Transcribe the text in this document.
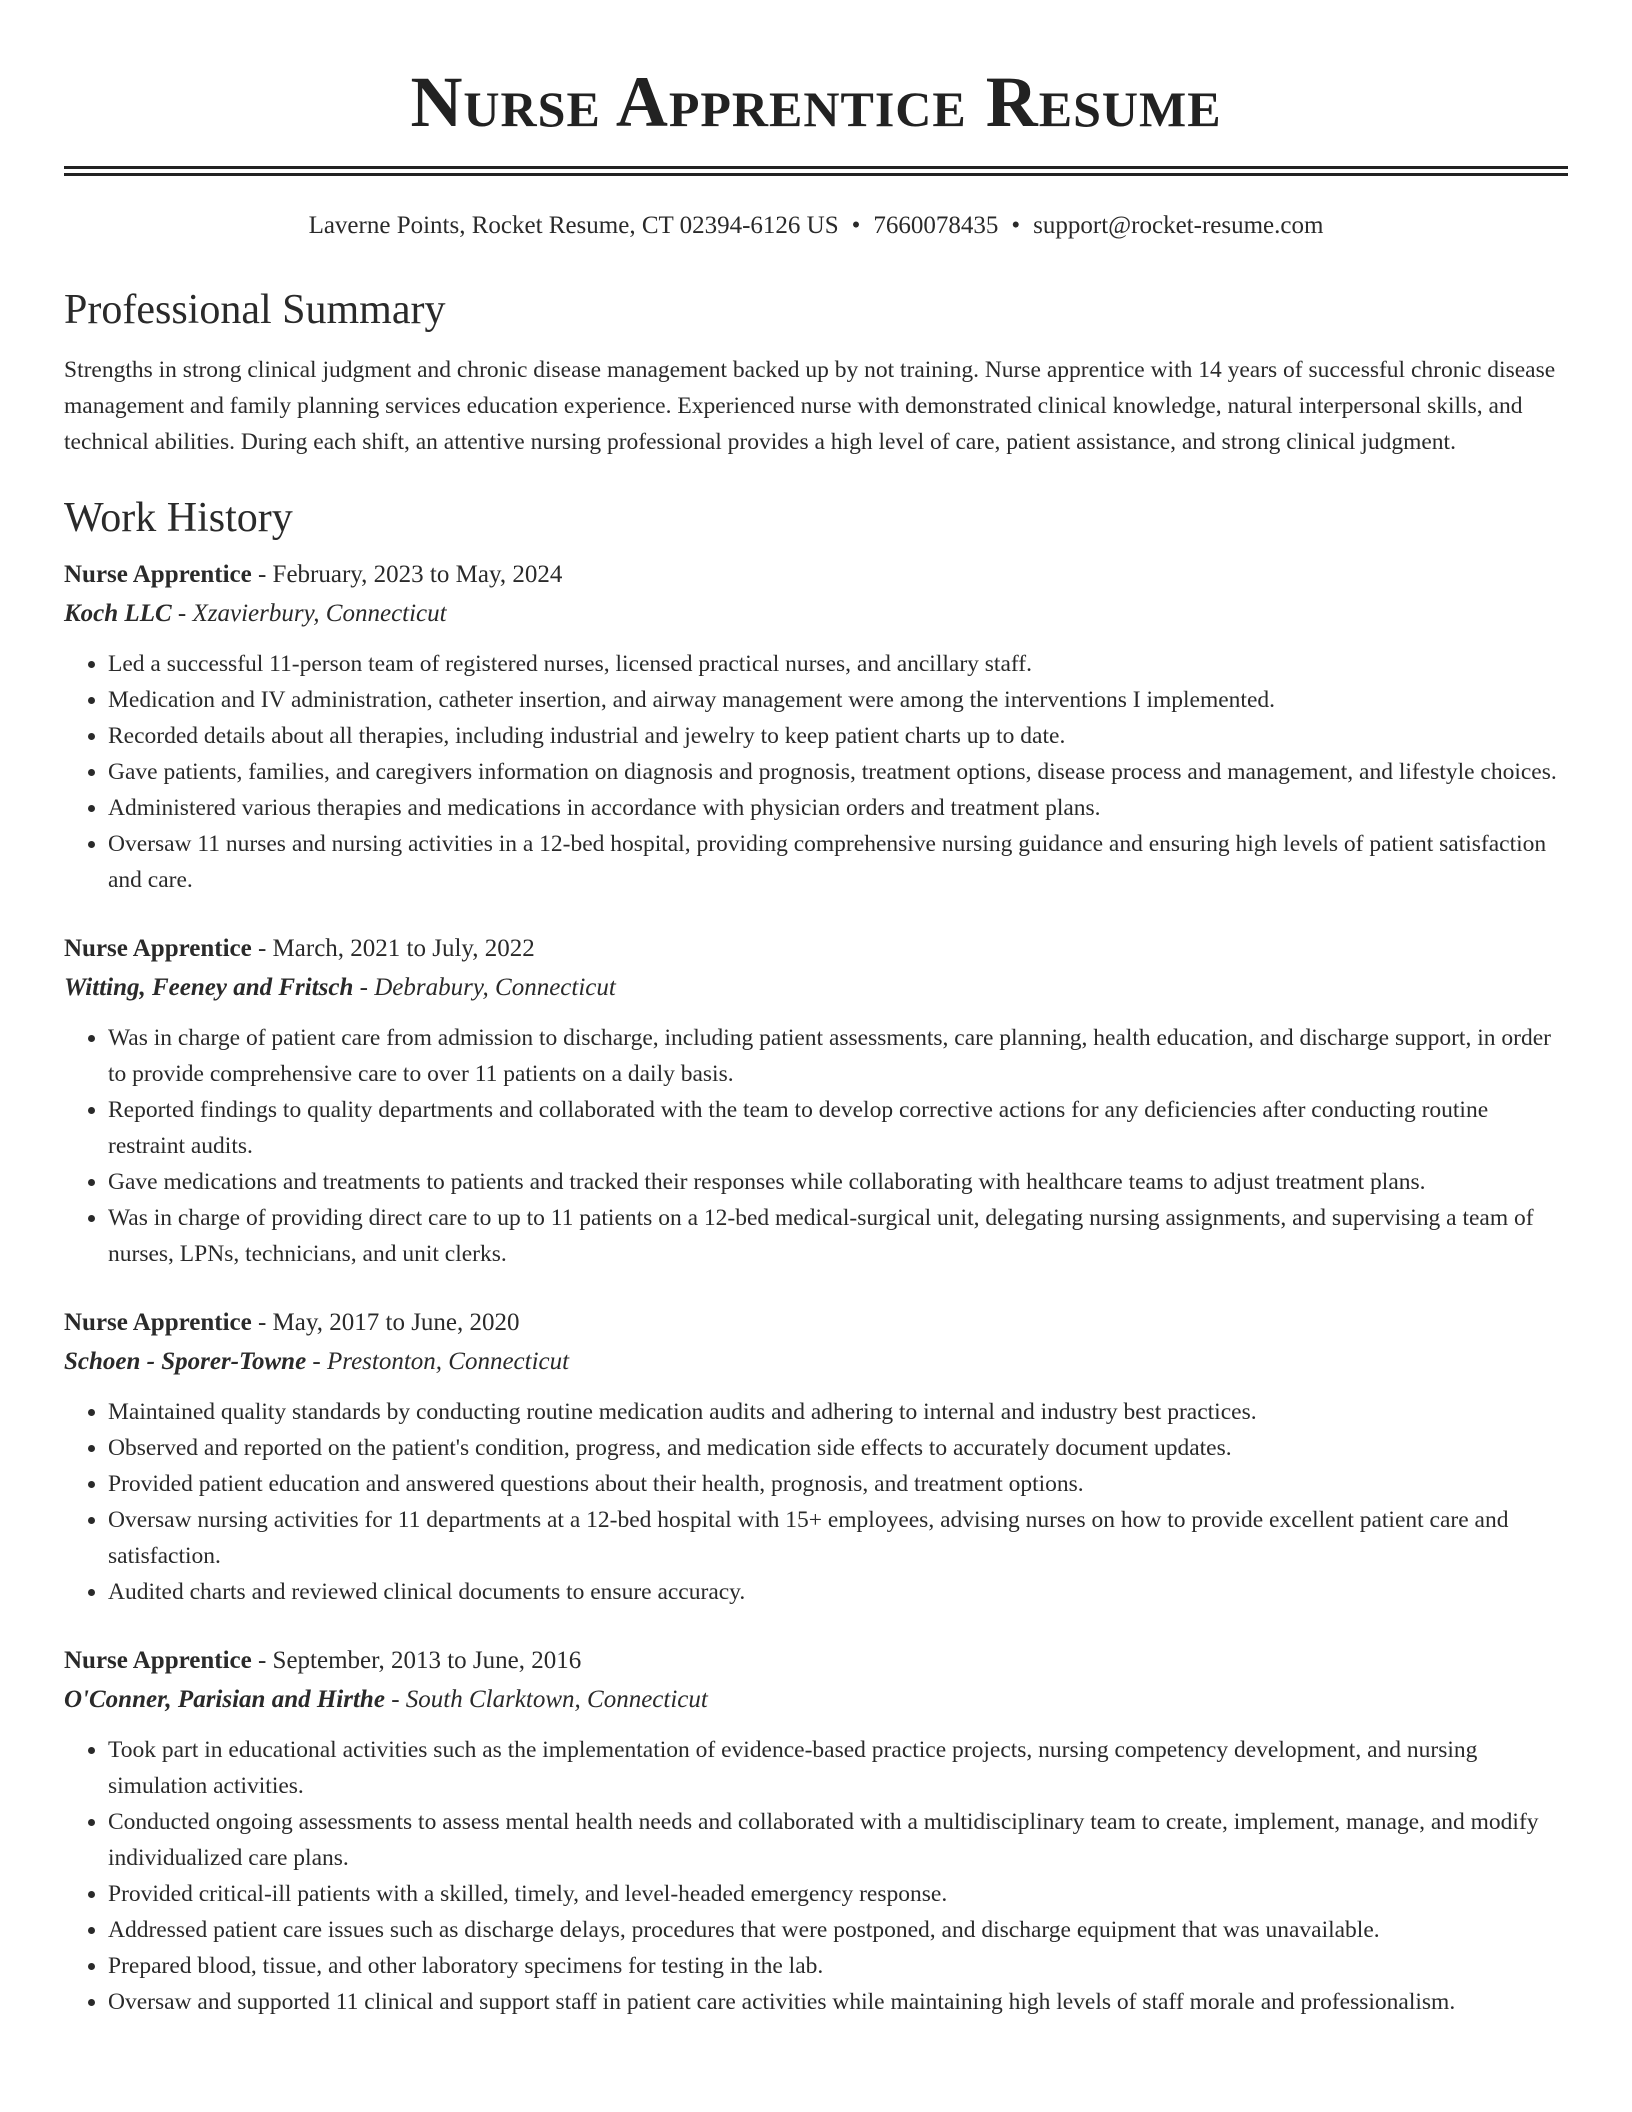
Nurse Apprentice Resume
Laverne Points, Rocket Resume, CT 02394-6126 US • 7660078435 • support@rocket-resume.com
Professional Summary

Strengths in strong clinical judgment and chronic disease management backed up by not training. Nurse apprentice with 14 years of successful chronic disease management and family planning services education experience. Experienced nurse with demonstrated clinical knowledge, natural interpersonal skills, and technical abilities. During each shift, an attentive nursing professional provides a high level of care, patient assistance, and strong clinical judgment.

Work History
Nurse Apprentice - February, 2023 to May, 2024
Koch LLC - Xzavierbury, Connecticut
• Led a successful 11-person team of registered nurses, licensed practical nurses, and ancillary staff.
• Medication and IV administration, catheter insertion, and airway management were among the interventions I implemented.
• Recorded details about all therapies, including industrial and jewelry to keep patient charts up to date.
• Gave patients, families, and caregivers information on diagnosis and prognosis, treatment options, disease process and management, and lifestyle choices.
• Administered various therapies and medications in accordance with physician orders and treatment plans.
• Oversaw 11 nurses and nursing activities in a 12-bed hospital, providing comprehensive nursing guidance and ensuring high levels of patient satisfaction and care.
Nurse Apprentice - March, 2021 to July, 2022
Witting, Feeney and Fritsch - Debrabury, Connecticut
• Was in charge of patient care from admission to discharge, including patient assessments, care planning, health education, and discharge support, in order to provide comprehensive care to over 11 patients on a daily basis.
• Reported findings to quality departments and collaborated with the team to develop corrective actions for any deficiencies after conducting routine restraint audits.
• Gave medications and treatments to patients and tracked their responses while collaborating with healthcare teams to adjust treatment plans.
• Was in charge of providing direct care to up to 11 patients on a 12-bed medical-surgical unit, delegating nursing assignments, and supervising a team of nurses, LPNs, technicians, and unit clerks.
Nurse Apprentice - May, 2017 to June, 2020
Schoen - Sporer-Towne - Prestonton, Connecticut
• Maintained quality standards by conducting routine medication audits and adhering to internal and industry best practices.
• Observed and reported on the patient's condition, progress, and medication side effects to accurately document updates.
• Provided patient education and answered questions about their health, prognosis, and treatment options.
• Oversaw nursing activities for 11 departments at a 12-bed hospital with 15+ employees, advising nurses on how to provide excellent patient care and satisfaction.
• Audited charts and reviewed clinical documents to ensure accuracy.
Nurse Apprentice - September, 2013 to June, 2016
O'Conner, Parisian and Hirthe - South Clarktown, Connecticut
• Took part in educational activities such as the implementation of evidence-based practice projects, nursing competency development, and nursing simulation activities.
• Conducted ongoing assessments to assess mental health needs and collaborated with a multidisciplinary team to create, implement, manage, and modify individualized care plans.
• Provided critical-ill patients with a skilled, timely, and level-headed emergency response.
• Addressed patient care issues such as discharge delays, procedures that were postponed, and discharge equipment that was unavailable.
• Prepared blood, tissue, and other laboratory specimens for testing in the lab.
• Oversaw and supported 11 clinical and support staff in patient care activities while maintaining high levels of staff morale and professionalism.
